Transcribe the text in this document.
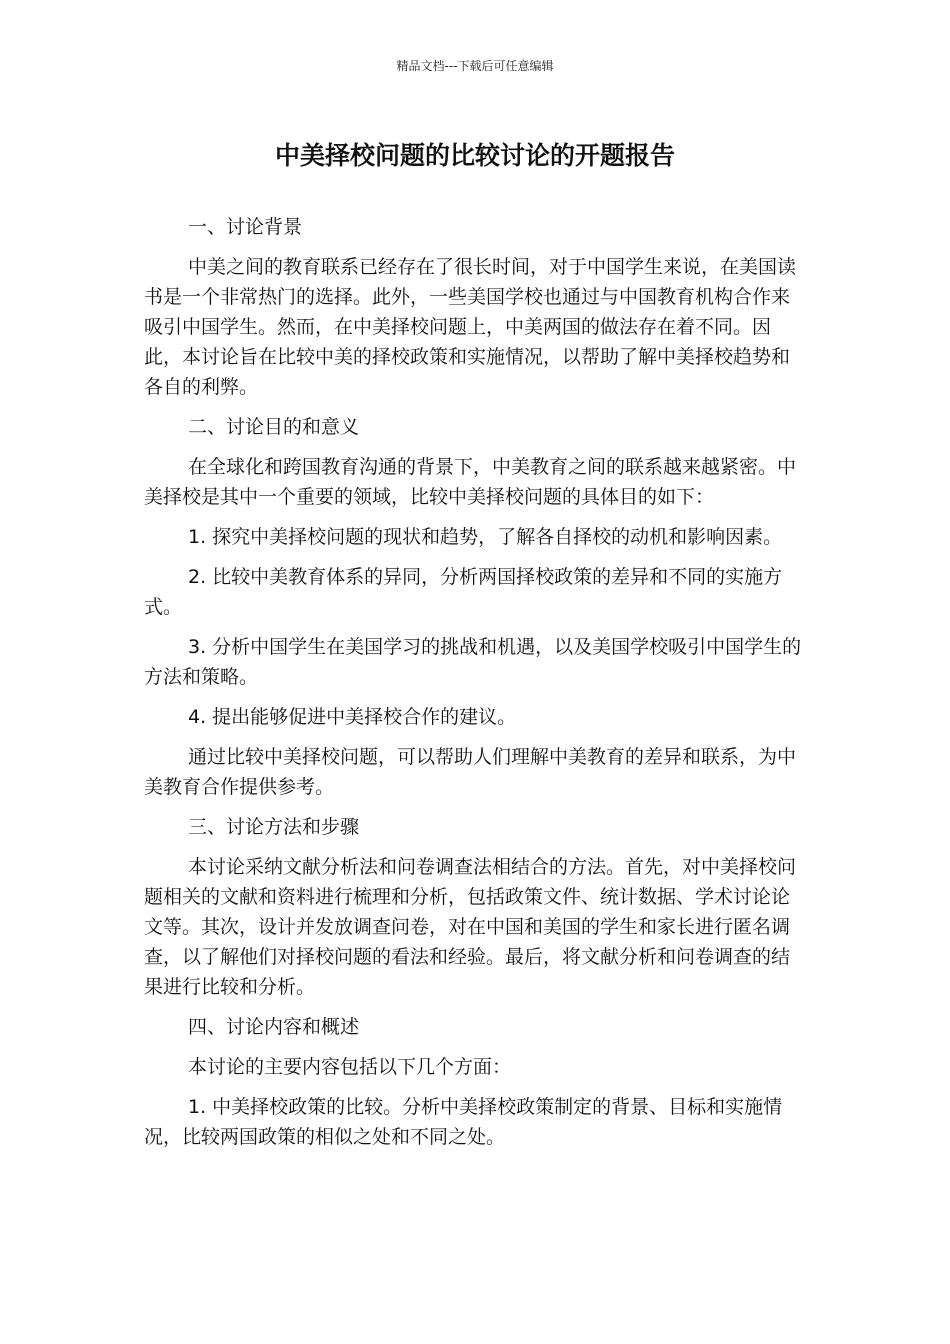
精品文档---下载后可任意编辑
中美择校问题的比较讨论的开题报告

一、讨论背景

中美之间的教育联系已经存在了很长时间，对于中国学生来说，在美国读书是一个非常热门的选择。此外，一些美国学校也通过与中国教育机构合作来吸引中国学生。然而，在中美择校问题上，中美两国的做法存在着不同。因此，本讨论旨在比较中美的择校政策和实施情况，以帮助了解中美择校趋势和各自的利弊。

二、讨论目的和意义

在全球化和跨国教育沟通的背景下，中美教育之间的联系越来越紧密。中美择校是其中一个重要的领域，比较中美择校问题的具体目的如下：

1. 探究中美择校问题的现状和趋势，了解各自择校的动机和影响因素。

2. 比较中美教育体系的异同，分析两国择校政策的差异和不同的实施方式。

3. 分析中国学生在美国学习的挑战和机遇，以及美国学校吸引中国学生的方法和策略。

4. 提出能够促进中美择校合作的建议。

通过比较中美择校问题，可以帮助人们理解中美教育的差异和联系，为中美教育合作提供参考。

三、讨论方法和步骤

本讨论采纳文献分析法和问卷调查法相结合的方法。首先，对中美择校问题相关的文献和资料进行梳理和分析，包括政策文件、统计数据、学术讨论论文等。其次，设计并发放调查问卷，对在中国和美国的学生和家长进行匿名调查，以了解他们对择校问题的看法和经验。最后，将文献分析和问卷调查的结果进行比较和分析。

四、讨论内容和概述

本讨论的主要内容包括以下几个方面：

1. 中美择校政策的比较。分析中美择校政策制定的背景、目标和实施情况，比较两国政策的相似之处和不同之处。
